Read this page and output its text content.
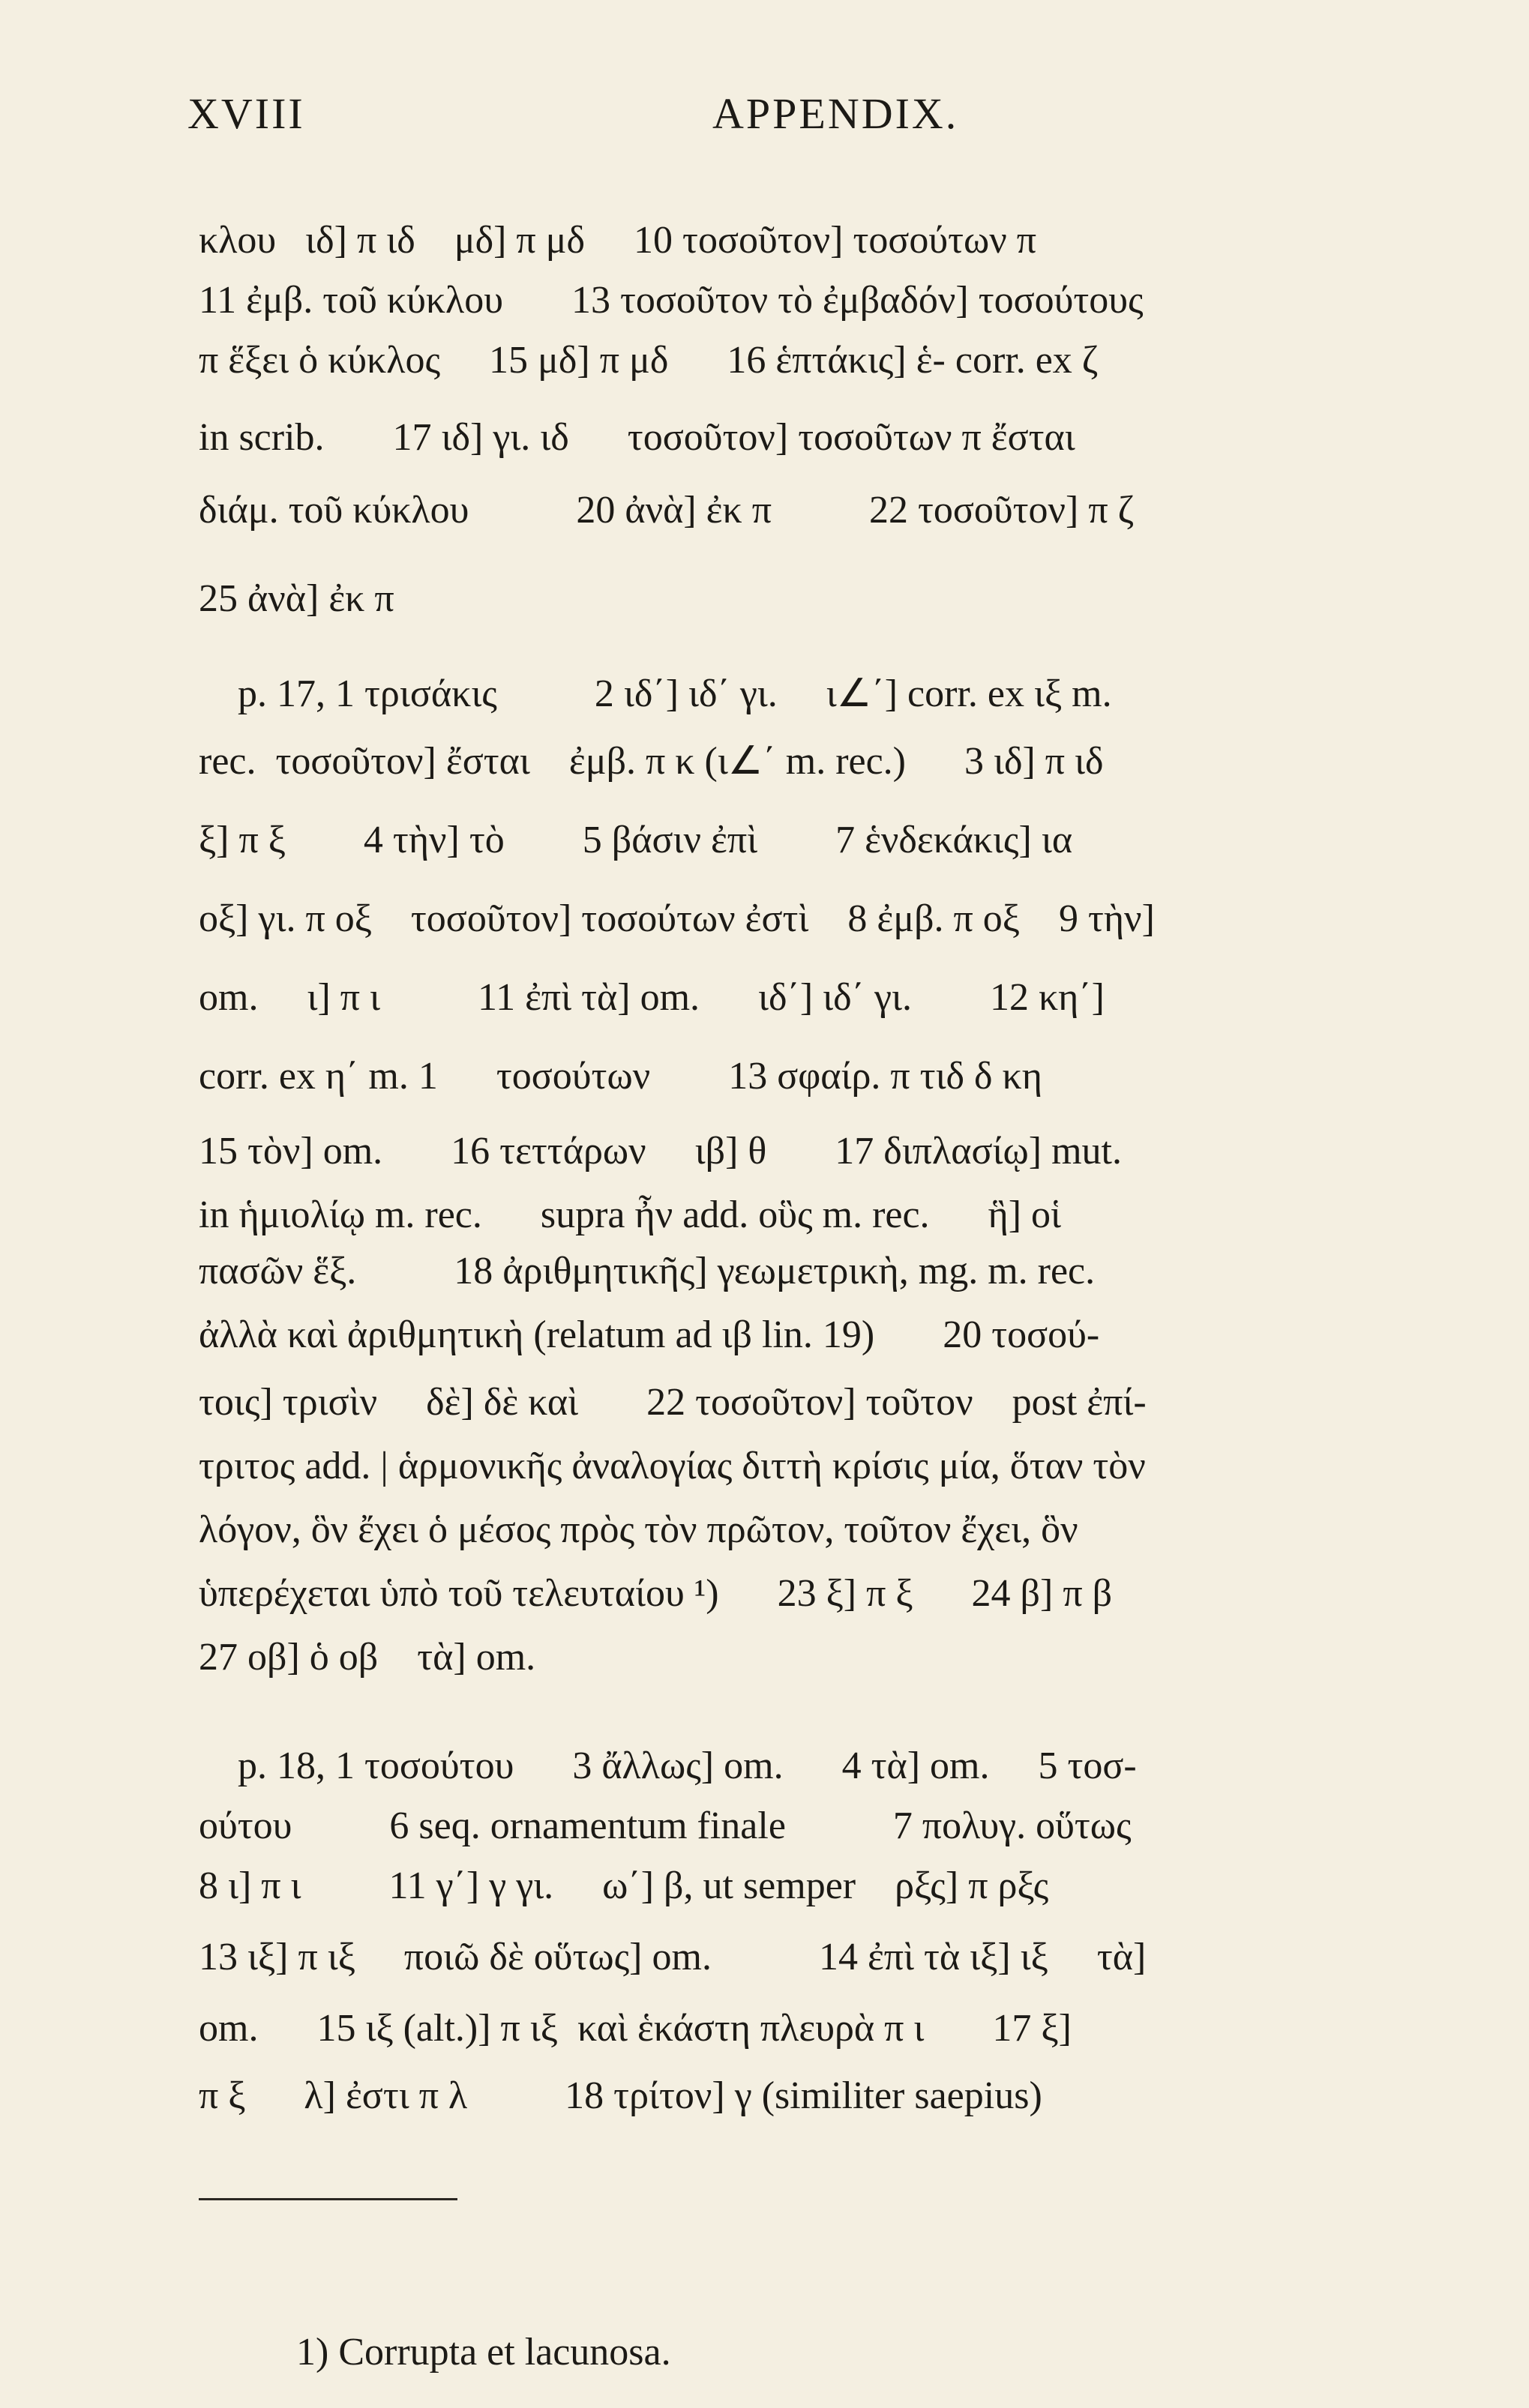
XVIII	APPENDIX.
κλου   ιδ] π ιδ    μδ] π μδ     10 τοσοῦτον] τοσούτων π
11 ἐμβ. τοῦ κύκλου       13 τοσοῦτον τὸ ἐμβαδόν] τοσούτους
π ἕξει ὁ κύκλος     15 μδ] π μδ      16 ἑπτάκις] ἑ- corr. ex ζ
in scrib.       17 ιδ] γι. ιδ      τοσοῦτον] τοσοῦτων π ἔσται
διάμ. τοῦ κύκλου           20 ἀνὰ] ἐκ π          22 τοσοῦτον] π ζ
25 ἀνὰ] ἐκ π
p. 17, 1 τρισάκις          2 ιδ΄] ιδ΄ γι.     ι∠΄] corr. ex ιξ m.
rec.  τοσοῦτον] ἔσται    ἐμβ. π κ (ι∠΄ m. rec.)      3 ιδ] π ιδ
ξ] π ξ        4 τὴν] τὸ        5 βάσιν ἐπὶ        7 ἑνδεκάκις] ια
οξ] γι. π οξ    τοσοῦτον] τοσούτων ἐστὶ    8 ἐμβ. π οξ    9 τὴν]
om.     ι] π ι          11 ἐπὶ τὰ] om.      ιδ΄] ιδ΄ γι.        12 κη΄]
corr. ex η΄ m. 1      τοσούτων        13 σφαίρ. π τιδ δ κη
15 τὸν] om.       16 τεττάρων     ιβ] θ       17 διπλασίῳ] mut.
in ἡμιολίῳ m. rec.      supra ἦν add. οὓς m. rec.      ἣ] οἱ
πασῶν ἕξ.          18 ἀριθμητικῆς] γεωμετρικὴ, mg. m. rec.
ἀλλὰ καὶ ἀριθμητικὴ (relatum ad ιβ lin. 19)       20 τοσού-
τοις] τρισὶν     δὲ] δὲ καὶ       22 τοσοῦτον] τοῦτον    post ἐπί-
τριτος add. | ἁρμονικῆς ἀναλογίας διττὴ κρίσις μία, ὅταν τὸν
λόγον, ὃν ἔχει ὁ μέσος πρὸς τὸν πρῶτον, τοῦτον ἔχει, ὃν
ὑπερέχεται ὑπὸ τοῦ τελευταίου ¹)      23 ξ] π ξ      24 β] π β
27 οβ] ὁ οβ    τὰ] om.
p. 18, 1 τοσούτου      3 ἄλλως] om.      4 τὰ] om.     5 τοσ-
ούτου          6 seq. ornamentum finale           7 πολυγ. οὕτως
8 ι] π ι         11 γ΄] γ γι.     ω΄] β, ut semper    ρξς] π ρξς
13 ιξ] π ιξ     ποιῶ δὲ οὕτως] om.           14 ἐπὶ τὰ ιξ] ιξ     τὰ]
om.      15 ιξ (alt.)] π ιξ  καὶ ἑκάστη πλευρὰ π ι       17 ξ]
π ξ      λ] ἐστι π λ          18 τρίτον] γ (similiter saepius)
1) Corrupta et lacunosa.
